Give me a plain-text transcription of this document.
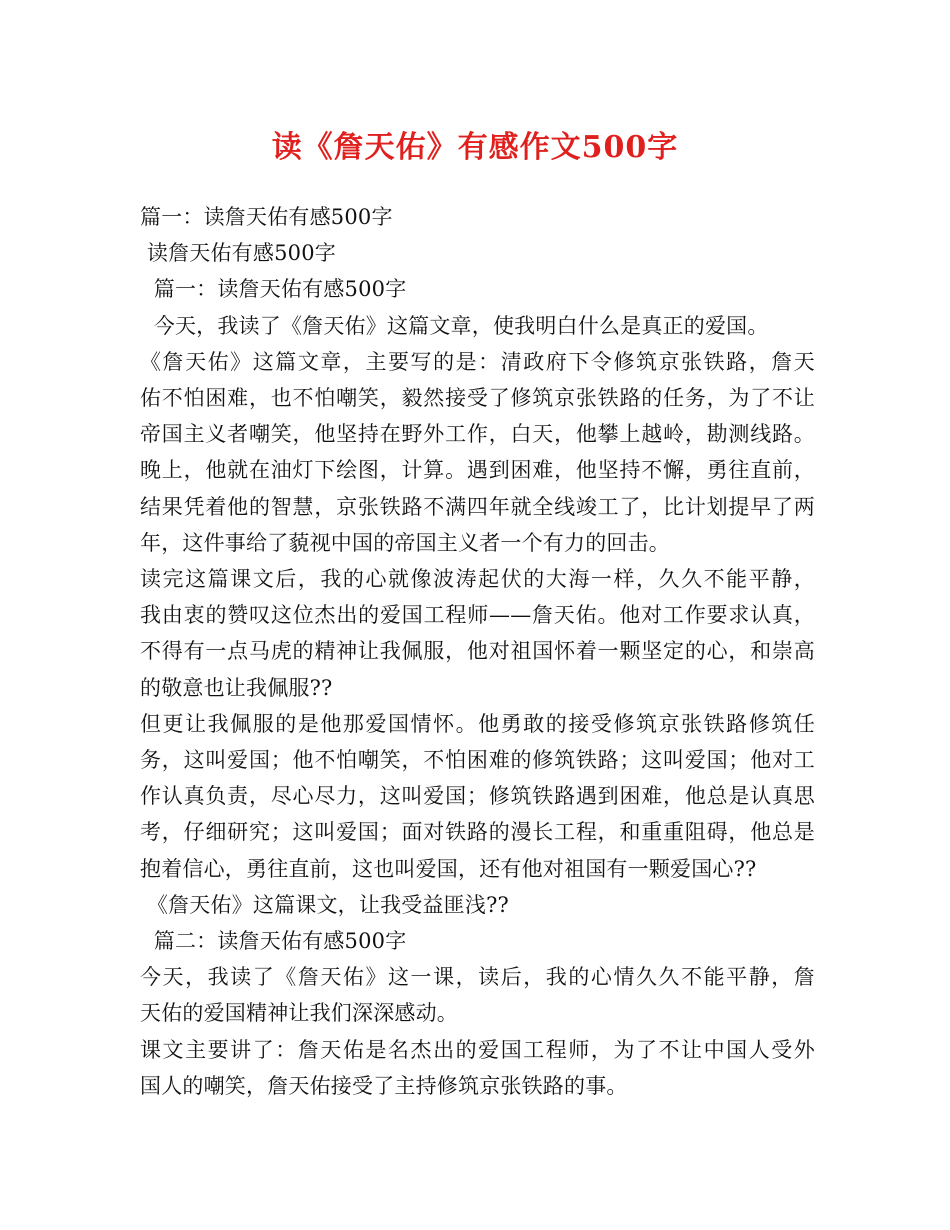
读《詹天佑》有感作文500字
篇一：读詹天佑有感500字
读詹天佑有感500字
篇一：读詹天佑有感500字
今天，我读了《詹天佑》这篇文章，使我明白什么是真正的爱国。
《詹天佑》这篇文章，主要写的是：清政府下令修筑京张铁路，詹天
佑不怕困难，也不怕嘲笑，毅然接受了修筑京张铁路的任务，为了不让
帝国主义者嘲笑，他坚持在野外工作，白天，他攀上越岭，勘测线路。
晚上，他就在油灯下绘图，计算。遇到困难，他坚持不懈，勇往直前，
结果凭着他的智慧，京张铁路不满四年就全线竣工了，比计划提早了两
年，这件事给了藐视中国的帝国主义者一个有力的回击。
读完这篇课文后，我的心就像波涛起伏的大海一样，久久不能平静，
我由衷的赞叹这位杰出的爱国工程师——詹天佑。他对工作要求认真，
不得有一点马虎的精神让我佩服，他对祖国怀着一颗坚定的心，和崇高
的敬意也让我佩服??
但更让我佩服的是他那爱国情怀。他勇敢的接受修筑京张铁路修筑任
务，这叫爱国；他不怕嘲笑，不怕困难的修筑铁路；这叫爱国；他对工
作认真负责，尽心尽力，这叫爱国；修筑铁路遇到困难，他总是认真思
考，仔细研究；这叫爱国；面对铁路的漫长工程，和重重阻碍，他总是
抱着信心，勇往直前，这也叫爱国，还有他对祖国有一颗爱国心??
《詹天佑》这篇课文，让我受益匪浅??
篇二：读詹天佑有感500字
今天，我读了《詹天佑》这一课，读后，我的心情久久不能平静，詹
天佑的爱国精神让我们深深感动。
课文主要讲了：詹天佑是名杰出的爱国工程师，为了不让中国人受外
国人的嘲笑，詹天佑接受了主持修筑京张铁路的事。
